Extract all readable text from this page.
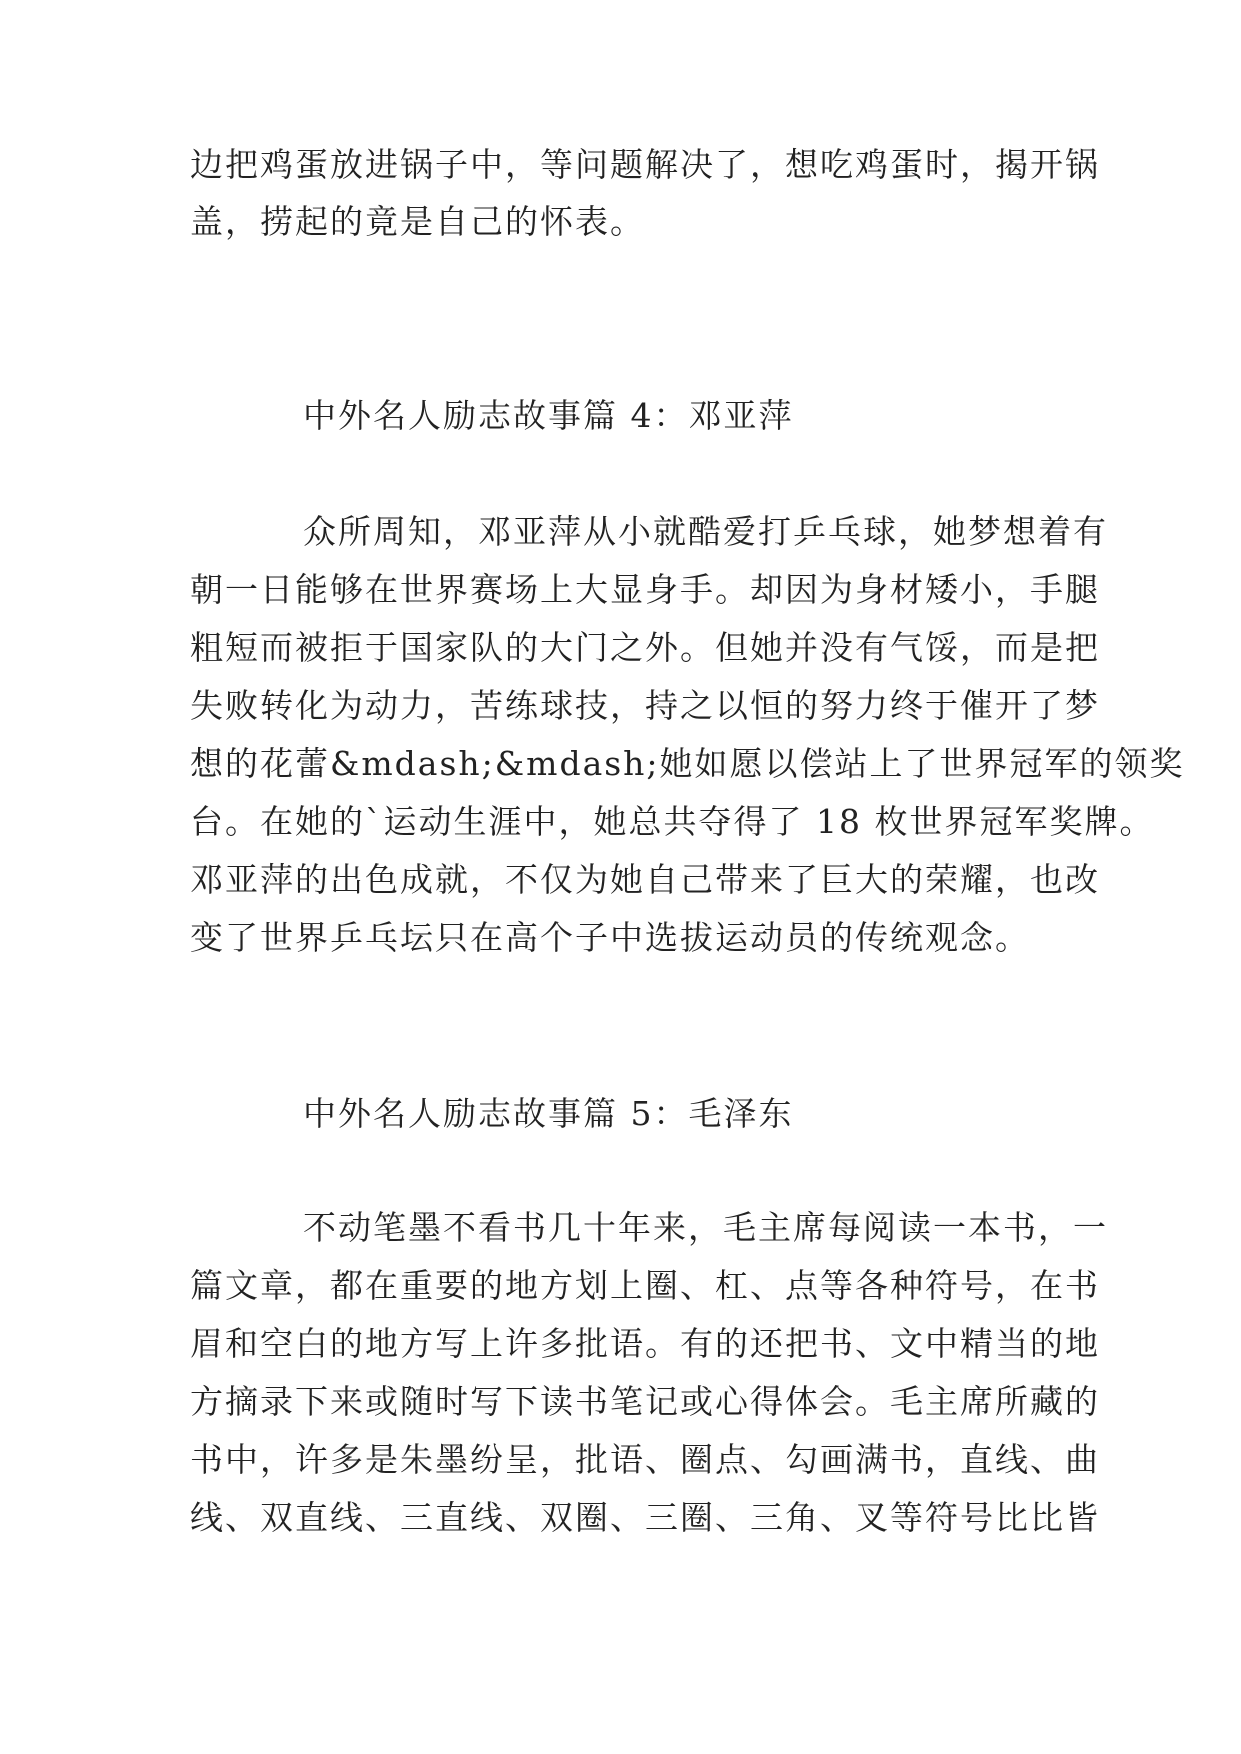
边把鸡蛋放进锅子中，等问题解决了，想吃鸡蛋时，揭开锅
盖，捞起的竟是自己的怀表。
中外名人励志故事篇 4：邓亚萍
众所周知，邓亚萍从小就酷爱打乒乓球，她梦想着有
朝一日能够在世界赛场上大显身手。却因为身材矮小，手腿
粗短而被拒于国家队的大门之外。但她并没有气馁，而是把
失败转化为动力，苦练球技，持之以恒的努力终于催开了梦
想的花蕾&mdash;&mdash;她如愿以偿站上了世界冠军的领奖
台。在她的`运动生涯中，她总共夺得了 18 枚世界冠军奖牌。
邓亚萍的出色成就，不仅为她自己带来了巨大的荣耀，也改
变了世界乒乓坛只在高个子中选拔运动员的传统观念。
中外名人励志故事篇 5：毛泽东
不动笔墨不看书几十年来，毛主席每阅读一本书，一
篇文章，都在重要的地方划上圈、杠、点等各种符号，在书
眉和空白的地方写上许多批语。有的还把书、文中精当的地
方摘录下来或随时写下读书笔记或心得体会。毛主席所藏的
书中，许多是朱墨纷呈，批语、圈点、勾画满书，直线、曲
线、双直线、三直线、双圈、三圈、三角、叉等符号比比皆
